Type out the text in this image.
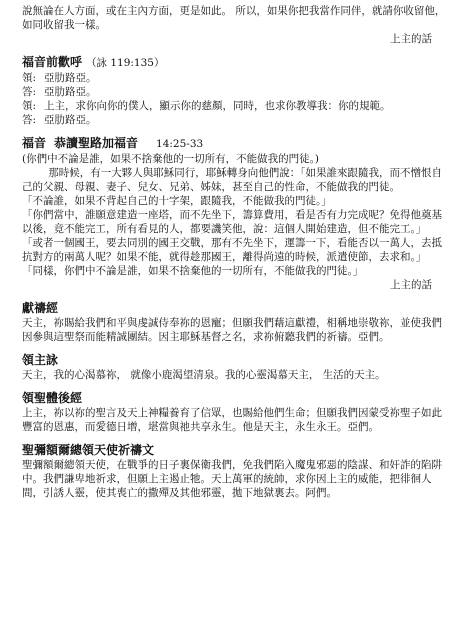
說無論在人方面，或在主內方面，更是如此。 所以，如果你把我當作同伴，就請你收留他， 如同收留我一樣。

上主的話

福音前歡呼 （詠 119:135）
領: 亞肋路亞。
答: 亞肋路亞。
領: 上主，求你向你的僕人，顯示你的慈顏，同時，也求你教導我：你的規範。
答: 亞肋路亞。
福音 恭讀聖路加福音 14:25-33

(你們中不論是誰，如果不捨棄他的一切所有，不能做我的門徒。)

那時候，有一大夥人與耶穌同行，耶穌轉身向他們說：「如果誰來跟隨我，而不憎恨自己的父親、母親、妻子、兒女、兄弟、姊妹，甚至自己的性命，不能做我的門徒。

「不論誰，如果不背起自己的十字架，跟隨我，不能做我的門徒。」

「你們當中，誰願意建造一座塔，而不先坐下，籌算費用，看是否有力完成呢？免得他奠基以後，竟不能完工，所有看見的人，都要譏笑他，說：這個人開始建造，但不能完工。」

「或者一個國王，要去同別的國王交戰，那有不先坐下，運籌一下，看能否以一萬人，去抵抗對方的兩萬人呢？如果不能，就得趁那國王，離得尚遠的時候，派遣使節，去求和。」

「同樣，你們中不論是誰，如果不捨棄他的一切所有，不能做我的門徒。」

上主的話

獻禱經

天主，祢賜給我們和平與虔誠侍奉祢的恩寵；但願我們藉這獻禮，相稱地崇敬祢，並使我們因參與這聖祭而能精誠團結。因主耶穌基督之名，求祢俯聽我們的祈禱。亞們。

領主詠

天主，我的心渴慕祢， 就像小鹿渴望清泉。我的心靈渴慕天主， 生活的天主。

領聖體後經

上主，祢以祢的聖言及天上神糧養育了信眾，也賜給他們生命；但願我們因蒙受祢聖子如此豐富的恩惠，而愛德日增，堪當與祂共享永生。他是天主，永生永王。亞們。

聖彌額爾總領天使祈禱文

聖彌額爾總領天使，在戰爭的日子裏保衛我們，免我們陷入魔鬼邪惡的陰謀、和奸詐的陷阱中。我們謙卑地祈求，但願上主遏止牠。天上萬軍的統帥，求你因上主的威能，把徘徊人間，引誘人靈，使其喪亡的撒殫及其他邪靈，拋下地獄裏去。阿們。
